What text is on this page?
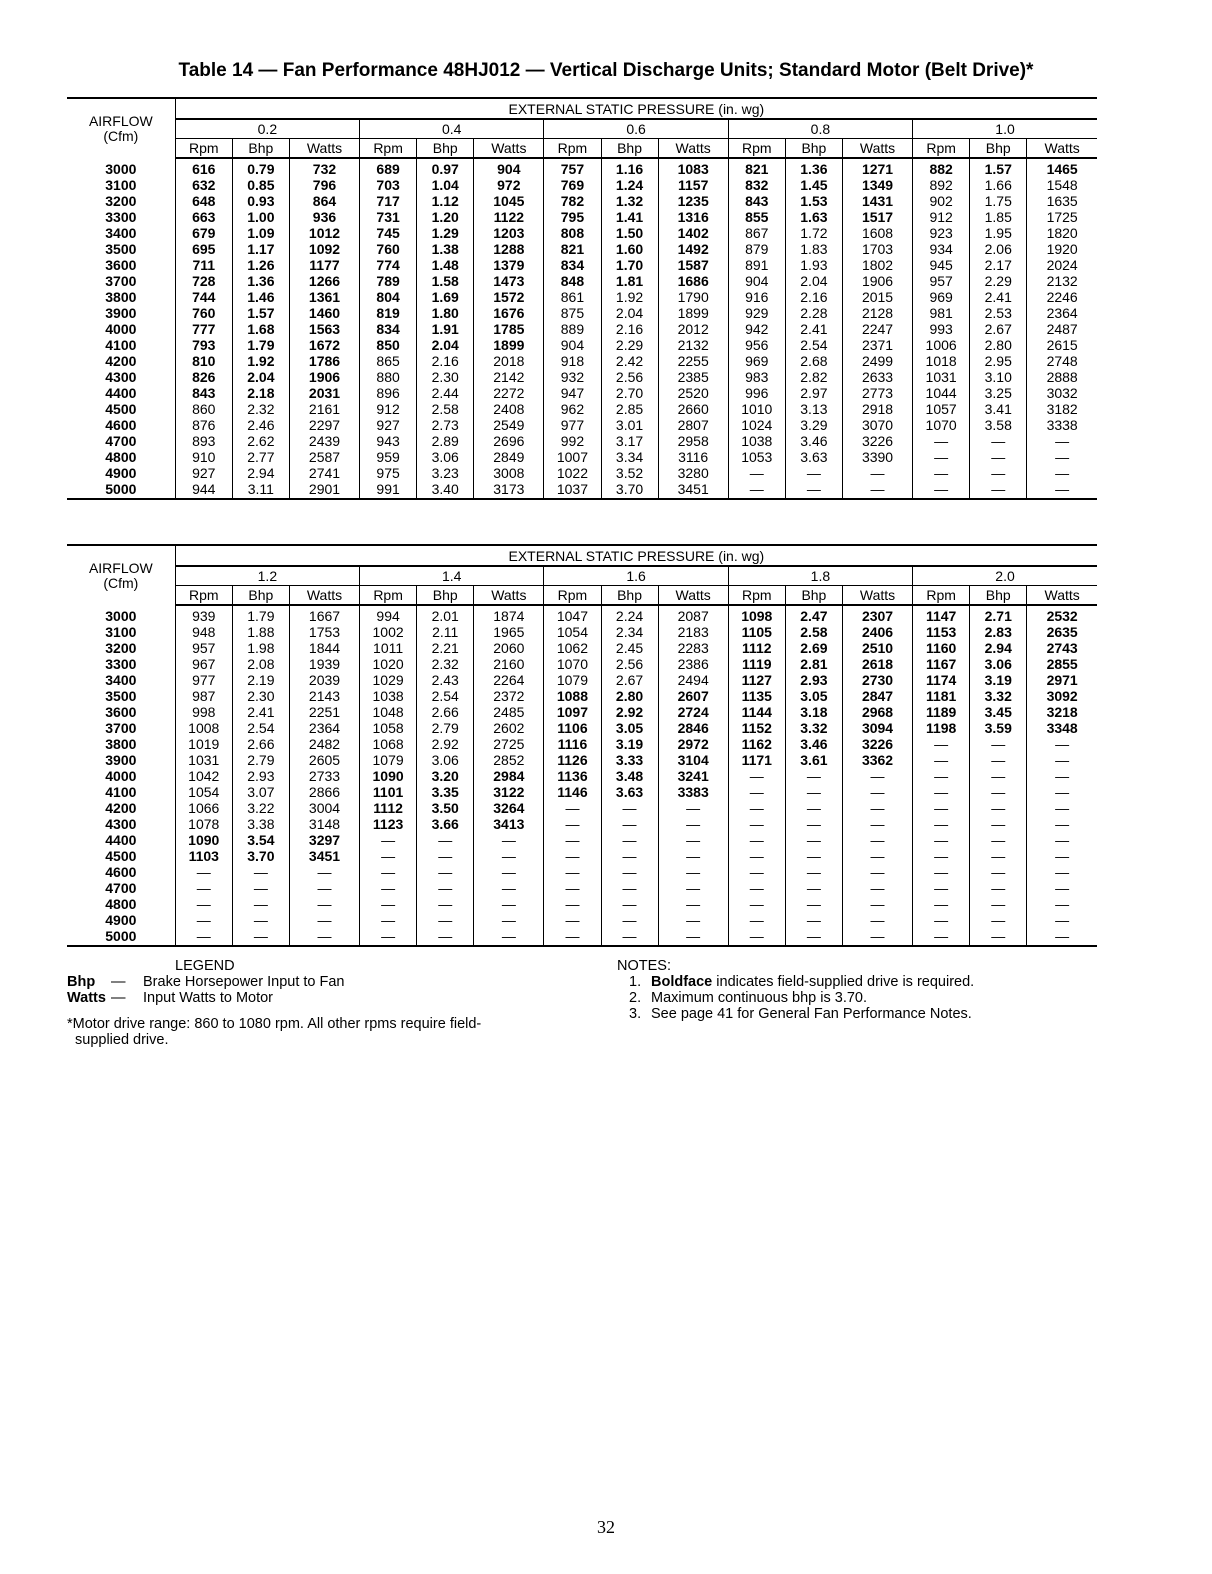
Table 14 — Fan Performance 48HJ012 — Vertical Discharge Units; Standard Motor (Belt Drive)*
AIRFLOW
(Cfm)	EXTERNAL STATIC PRESSURE (in. wg)														
	0.2			0.4			0.6			0.8			1.0		
	Rpm	Bhp	Watts	Rpm	Bhp	Watts	Rpm	Bhp	Watts	Rpm	Bhp	Watts	Rpm	Bhp	Watts
3000	616	0.79	732	689	0.97	904	757	1.16	1083	821	1.36	1271	882	1.57	1465
3100	632	0.85	796	703	1.04	972	769	1.24	1157	832	1.45	1349	892	1.66	1548
3200	648	0.93	864	717	1.12	1045	782	1.32	1235	843	1.53	1431	902	1.75	1635
3300	663	1.00	936	731	1.20	1122	795	1.41	1316	855	1.63	1517	912	1.85	1725
3400	679	1.09	1012	745	1.29	1203	808	1.50	1402	867	1.72	1608	923	1.95	1820
3500	695	1.17	1092	760	1.38	1288	821	1.60	1492	879	1.83	1703	934	2.06	1920
3600	711	1.26	1177	774	1.48	1379	834	1.70	1587	891	1.93	1802	945	2.17	2024
3700	728	1.36	1266	789	1.58	1473	848	1.81	1686	904	2.04	1906	957	2.29	2132
3800	744	1.46	1361	804	1.69	1572	861	1.92	1790	916	2.16	2015	969	2.41	2246
3900	760	1.57	1460	819	1.80	1676	875	2.04	1899	929	2.28	2128	981	2.53	2364
4000	777	1.68	1563	834	1.91	1785	889	2.16	2012	942	2.41	2247	993	2.67	2487
4100	793	1.79	1672	850	2.04	1899	904	2.29	2132	956	2.54	2371	1006	2.80	2615
4200	810	1.92	1786	865	2.16	2018	918	2.42	2255	969	2.68	2499	1018	2.95	2748
4300	826	2.04	1906	880	2.30	2142	932	2.56	2385	983	2.82	2633	1031	3.10	2888
4400	843	2.18	2031	896	2.44	2272	947	2.70	2520	996	2.97	2773	1044	3.25	3032
4500	860	2.32	2161	912	2.58	2408	962	2.85	2660	1010	3.13	2918	1057	3.41	3182
4600	876	2.46	2297	927	2.73	2549	977	3.01	2807	1024	3.29	3070	1070	3.58	3338
4700	893	2.62	2439	943	2.89	2696	992	3.17	2958	1038	3.46	3226	—	—	—
4800	910	2.77	2587	959	3.06	2849	1007	3.34	3116	1053	3.63	3390	—	—	—
4900	927	2.94	2741	975	3.23	3008	1022	3.52	3280	—	—	—	—	—	—
5000	944	3.11	2901	991	3.40	3173	1037	3.70	3451	—	—	—	—	—	—
AIRFLOW
(Cfm)	EXTERNAL STATIC PRESSURE (in. wg)														
	1.2			1.4			1.6			1.8			2.0		
	Rpm	Bhp	Watts	Rpm	Bhp	Watts	Rpm	Bhp	Watts	Rpm	Bhp	Watts	Rpm	Bhp	Watts
3000	939	1.79	1667	994	2.01	1874	1047	2.24	2087	1098	2.47	2307	1147	2.71	2532
3100	948	1.88	1753	1002	2.11	1965	1054	2.34	2183	1105	2.58	2406	1153	2.83	2635
3200	957	1.98	1844	1011	2.21	2060	1062	2.45	2283	1112	2.69	2510	1160	2.94	2743
3300	967	2.08	1939	1020	2.32	2160	1070	2.56	2386	1119	2.81	2618	1167	3.06	2855
3400	977	2.19	2039	1029	2.43	2264	1079	2.67	2494	1127	2.93	2730	1174	3.19	2971
3500	987	2.30	2143	1038	2.54	2372	1088	2.80	2607	1135	3.05	2847	1181	3.32	3092
3600	998	2.41	2251	1048	2.66	2485	1097	2.92	2724	1144	3.18	2968	1189	3.45	3218
3700	1008	2.54	2364	1058	2.79	2602	1106	3.05	2846	1152	3.32	3094	1198	3.59	3348
3800	1019	2.66	2482	1068	2.92	2725	1116	3.19	2972	1162	3.46	3226	—	—	—
3900	1031	2.79	2605	1079	3.06	2852	1126	3.33	3104	1171	3.61	3362	—	—	—
4000	1042	2.93	2733	1090	3.20	2984	1136	3.48	3241	—	—	—	—	—	—
4100	1054	3.07	2866	1101	3.35	3122	1146	3.63	3383	—	—	—	—	—	—
4200	1066	3.22	3004	1112	3.50	3264	—	—	—	—	—	—	—	—	—
4300	1078	3.38	3148	1123	3.66	3413	—	—	—	—	—	—	—	—	—
4400	1090	3.54	3297	—	—	—	—	—	—	—	—	—	—	—	—
4500	1103	3.70	3451	—	—	—	—	—	—	—	—	—	—	—	—
4600	—	—	—	—	—	—	—	—	—	—	—	—	—	—	—
4700	—	—	—	—	—	—	—	—	—	—	—	—	—	—	—
4800	—	—	—	—	—	—	—	—	—	—	—	—	—	—	—
4900	—	—	—	—	—	—	—	—	—	—	—	—	—	—	—
5000	—	—	—	—	—	—	—	—	—	—	—	—	—	—	—
LEGEND
Bhp	—	Brake Horsepower Input to Fan
Watts —	Input Watts to Motor
*Motor drive range: 860 to 1080 rpm. All other rpms require field-
supplied drive.
NOTES:
1. Boldface indicates field-supplied drive is required.
2. Maximum continuous bhp is 3.70.
3. See page 41 for General Fan Performance Notes.
32
